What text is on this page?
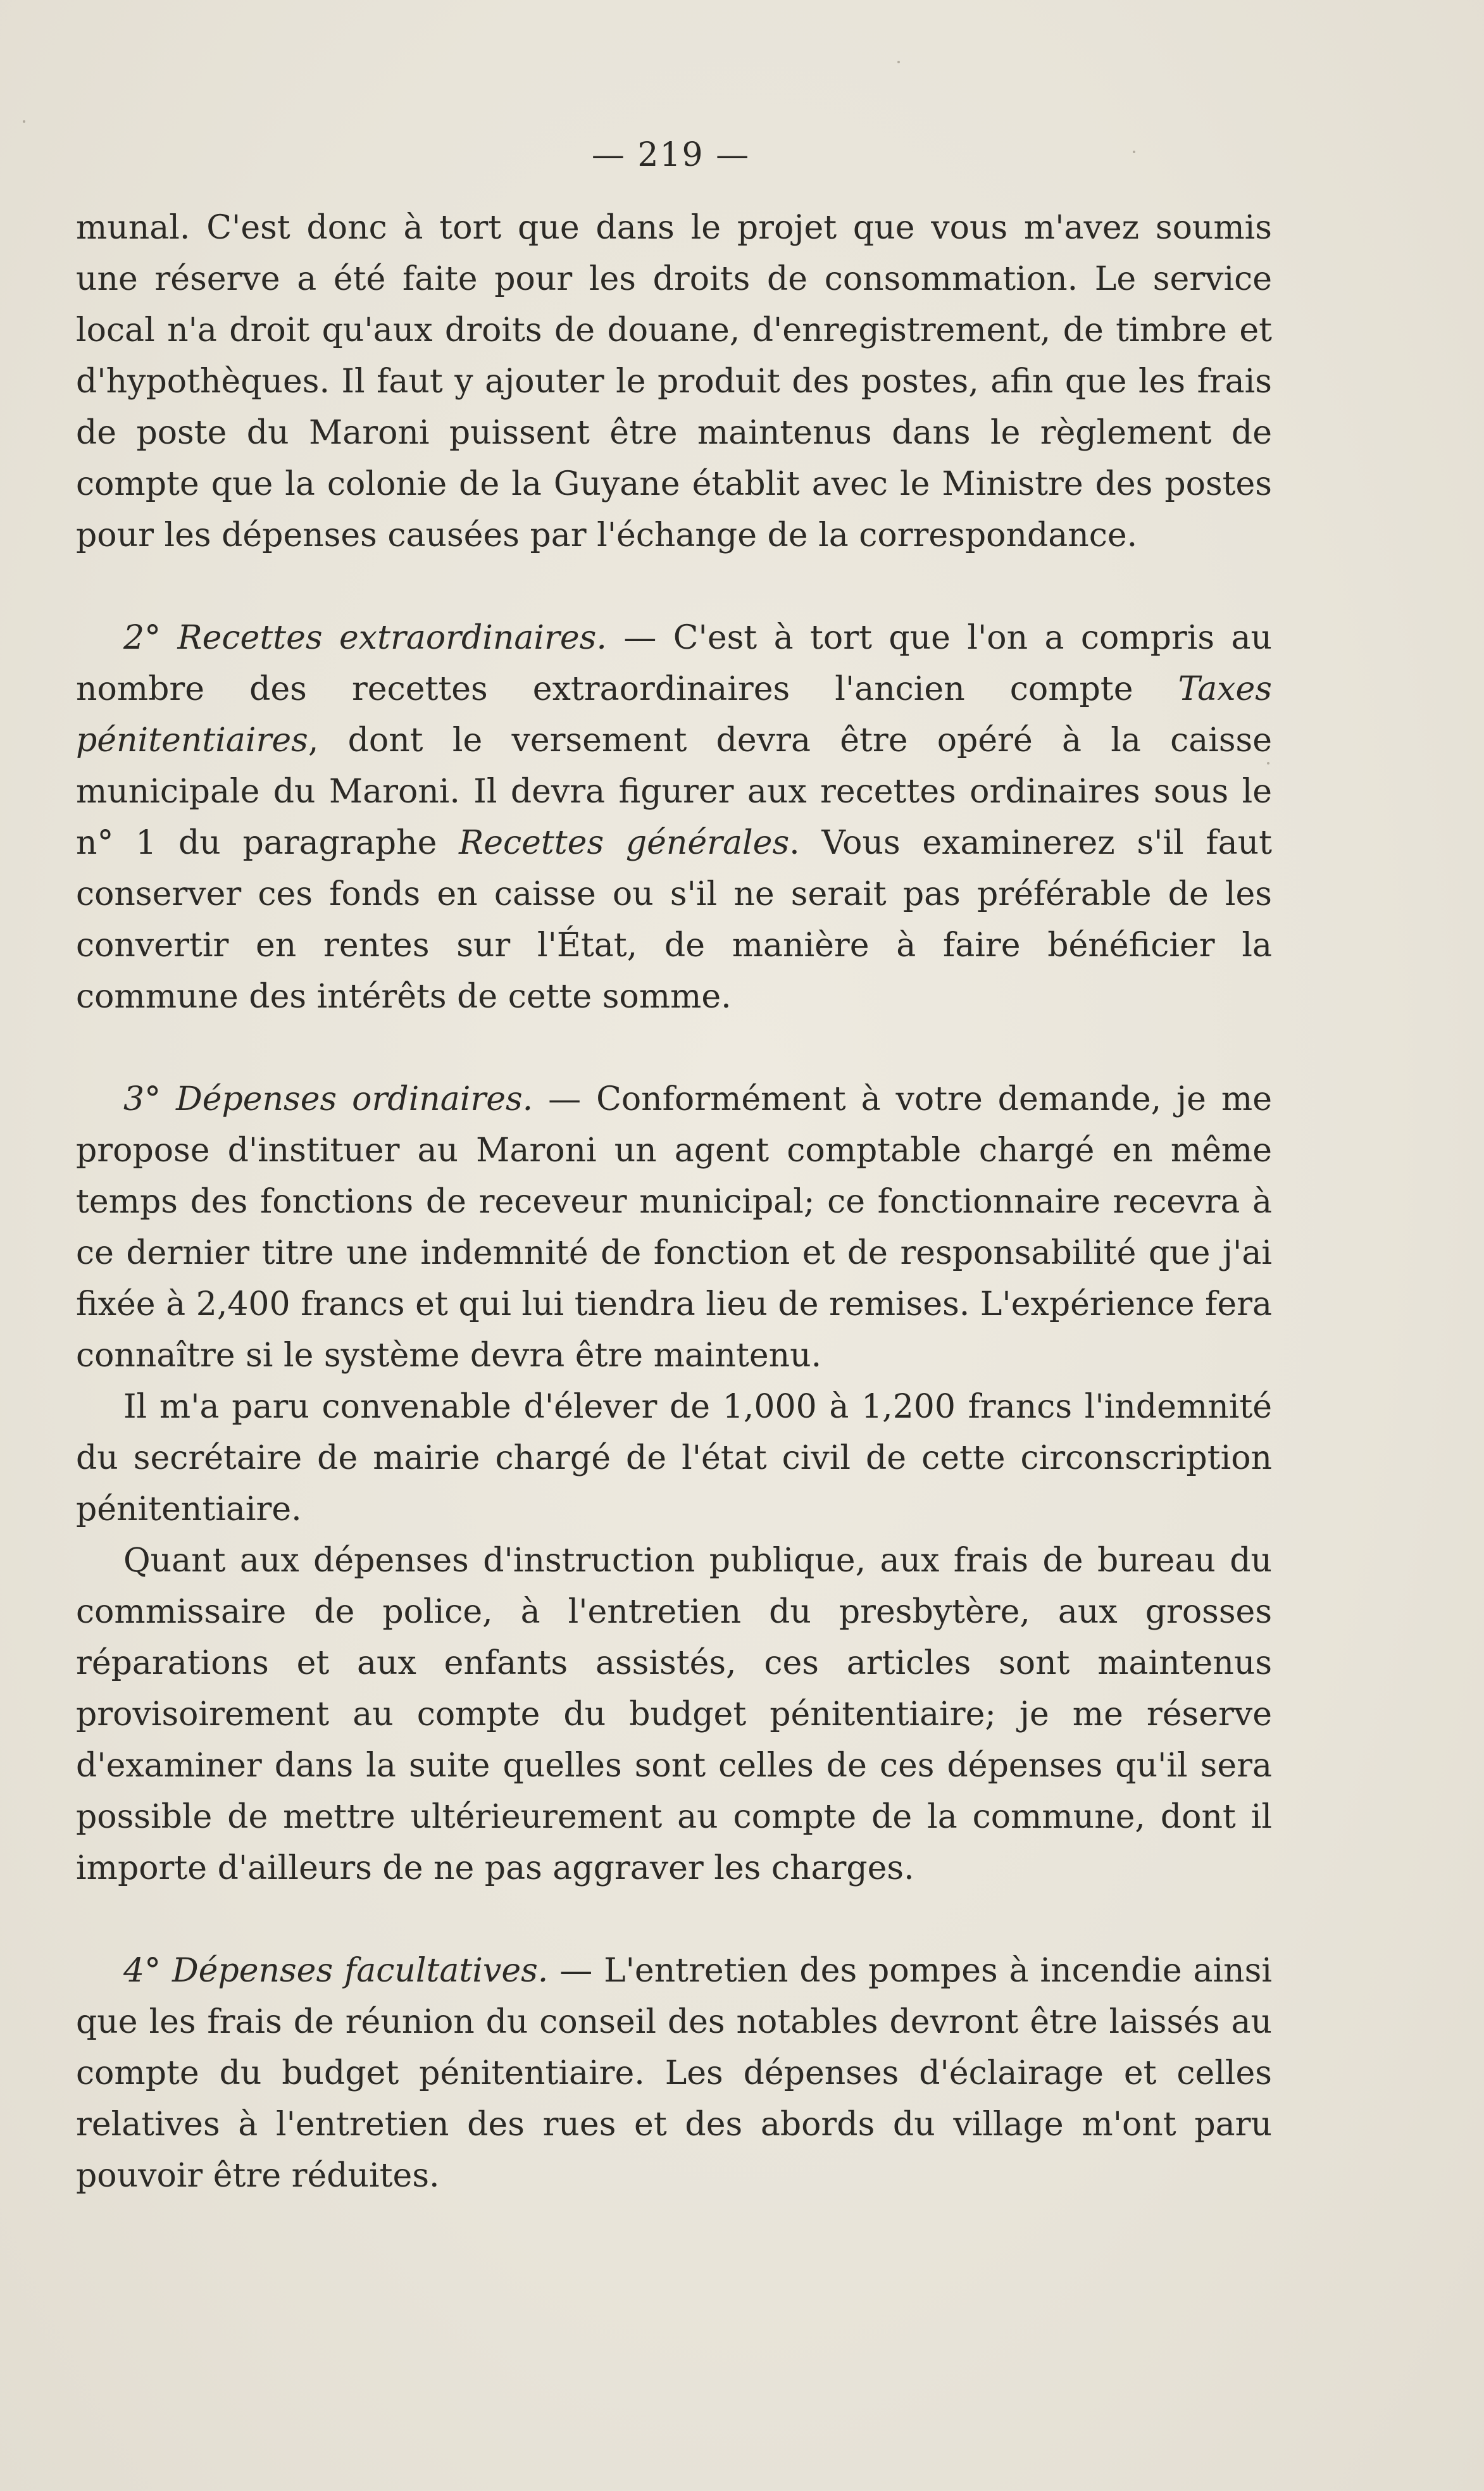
— 219 —

munal. C'est donc à tort que dans le projet que vous m'avez soumis une réserve a été faite pour les droits de consommation. Le service local n'a droit qu'aux droits de douane, d'enregistrement, de timbre et d'hypothèques. Il faut y ajouter le produit des postes, afin que les frais de poste du Maroni puissent être maintenus dans le règlement de compte que la colonie de la Guyane établit avec le Ministre des postes pour les dépenses causées par l'échange de la correspondance.

2° Recettes extraordinaires. — C'est à tort que l'on a compris au nombre des recettes extraordinaires l'ancien compte Taxes pénitentiaires, dont le versement devra être opéré à la caisse municipale du Maroni. Il devra figurer aux recettes ordinaires sous le n° 1 du paragraphe Recettes générales. Vous examinerez s'il faut conserver ces fonds en caisse ou s'il ne serait pas préférable de les convertir en rentes sur l'État, de manière à faire bénéficier la commune des intérêts de cette somme.

3° Dépenses ordinaires. — Conformément à votre demande, je me propose d'instituer au Maroni un agent comptable chargé en même temps des fonctions de receveur municipal; ce fonctionnaire recevra à ce dernier titre une indemnité de fonction et de responsabilité que j'ai fixée à 2,400 francs et qui lui tiendra lieu de remises. L'expérience fera connaître si le système devra être maintenu.

Il m'a paru convenable d'élever de 1,000 à 1,200 francs l'indemnité du secrétaire de mairie chargé de l'état civil de cette circonscription pénitentiaire.

Quant aux dépenses d'instruction publique, aux frais de bureau du commissaire de police, à l'entretien du presbytère, aux grosses réparations et aux enfants assistés, ces articles sont maintenus provisoirement au compte du budget pénitentiaire; je me réserve d'examiner dans la suite quelles sont celles de ces dépenses qu'il sera possible de mettre ultérieurement au compte de la commune, dont il importe d'ailleurs de ne pas aggraver les charges.

4° Dépenses facultatives. — L'entretien des pompes à incendie ainsi que les frais de réunion du conseil des notables devront être laissés au compte du budget pénitentiaire. Les dépenses d'éclairage et celles relatives à l'entretien des rues et des abords du village m'ont paru pouvoir être réduites.
